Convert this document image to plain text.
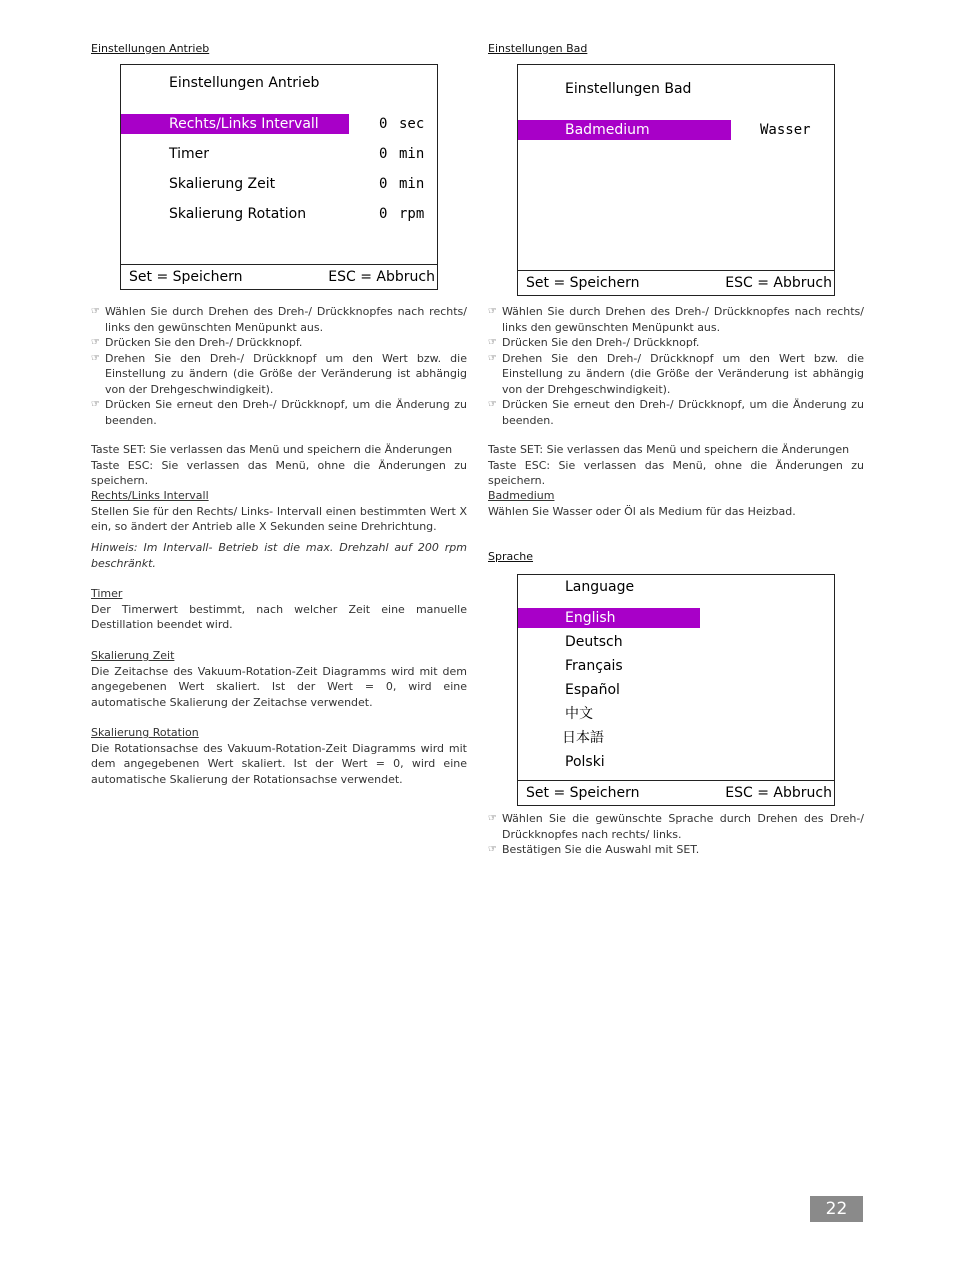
Einstellungen Antrieb
Einstellungen Antrieb
Rechts/Links Intervall	0 sec
Timer	0 min
Skalierung Zeit	0 min
Skalierung Rotation	0 rpm
Set = Speichern	ESC = Abbruch
☞ Wählen Sie durch Drehen des Dreh-/ Drückknopfes nach rechts/ links den gewünschten Menüpunkt aus.
☞ Drücken Sie den Dreh-/ Drückknopf.
☞ Drehen Sie den Dreh-/ Drückknopf um den Wert bzw. die Einstellung zu ändern (die Größe der Veränderung ist abhängig von der Drehgeschwindigkeit).
☞ Drücken Sie erneut den Dreh-/ Drückknopf, um die Änderung zu beenden.
Taste SET: Sie verlassen das Menü und speichern die Änderungen
Taste ESC: Sie verlassen das Menü, ohne die Änderungen zu speichern.
Rechts/Links Intervall
Stellen Sie für den Rechts/ Links- Intervall einen bestimmten Wert X ein, so ändert der Antrieb alle X Sekunden seine Drehrichtung.
Hinweis: Im Intervall- Betrieb ist die max. Drehzahl auf 200 rpm beschränkt.
Timer
Der Timerwert bestimmt, nach welcher Zeit eine manuelle Destillation beendet wird.
Skalierung Zeit
Die Zeitachse des Vakuum-Rotation-Zeit Diagramms wird mit dem angegebenen Wert skaliert. Ist der Wert = 0, wird eine automatische Skalierung der Zeitachse verwendet.
Skalierung Rotation
Die Rotationsachse des Vakuum-Rotation-Zeit Diagramms wird mit dem angegebenen Wert skaliert. Ist der Wert = 0, wird eine automatische Skalierung der Rotationsachse verwendet.
Einstellungen Bad
Einstellungen Bad
Badmedium	Wasser
Set = Speichern	ESC = Abbruch
☞ Wählen Sie durch Drehen des Dreh-/ Drückknopfes nach rechts/ links den gewünschten Menüpunkt aus.
☞ Drücken Sie den Dreh-/ Drückknopf.
☞ Drehen Sie den Dreh-/ Drückknopf um den Wert bzw. die Einstellung zu ändern (die Größe der Veränderung ist abhängig von der Drehgeschwindigkeit).
☞ Drücken Sie erneut den Dreh-/ Drückknopf, um die Änderung zu beenden.
Taste SET: Sie verlassen das Menü und speichern die Änderungen
Taste ESC: Sie verlassen das Menü, ohne die Änderungen zu speichern.
Badmedium
Wählen Sie Wasser oder Öl als Medium für das Heizbad.
Sprache
Language
English
Deutsch
Français
Español
中文
日本語
Polski
Set = Speichern	ESC = Abbruch
☞ Wählen Sie die gewünschte Sprache durch Drehen des Dreh-/ Drückknopfes nach rechts/ links.
☞ Bestätigen Sie die Auswahl mit SET.
22
